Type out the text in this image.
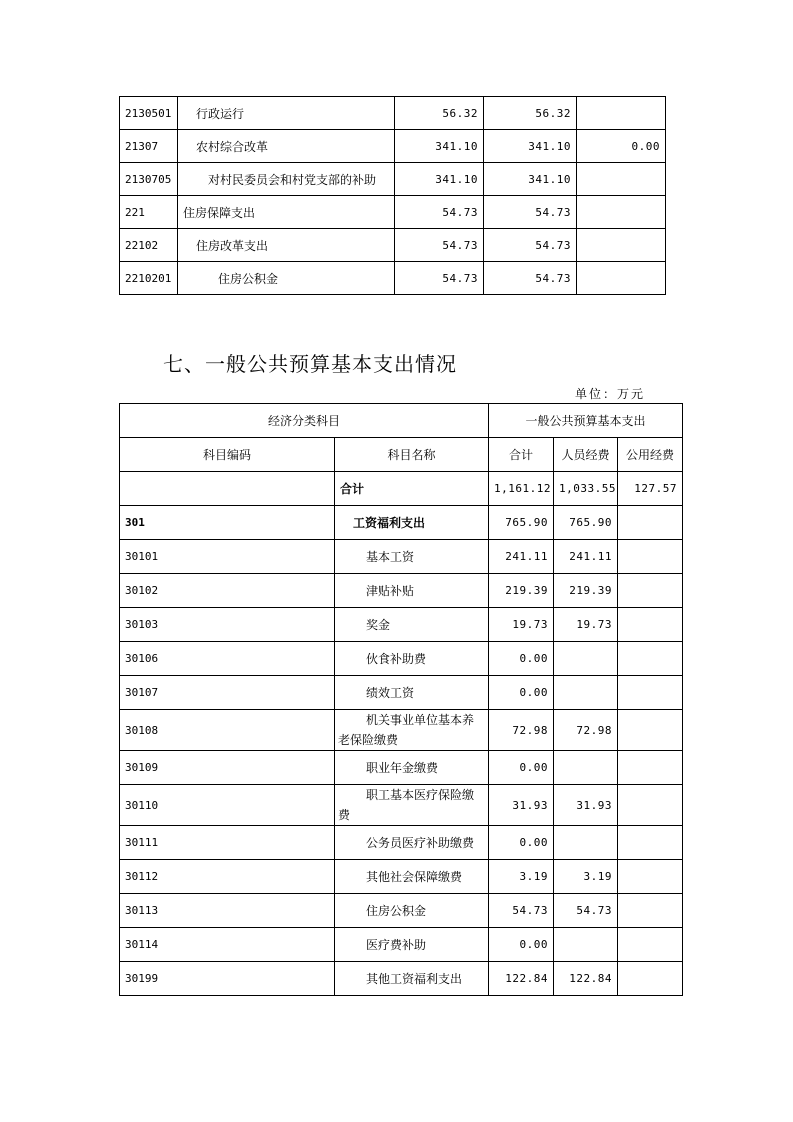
2130501	行政运行	56.32	56.32	
21307	农村综合改革	341.10	341.10	0.00
2130705	对村民委员会和村党支部的补助	341.10	341.10	
221	住房保障支出	54.73	54.73	
22102	住房改革支出	54.73	54.73	
2210201	住房公积金	54.73	54.73	
七、一般公共预算基本支出情况
单位：万元
经济分类科目		一般公共预算基本支出		
科目编码	科目名称	合计	人员经费	公用经费
	合计	1,161.12	1,033.55	127.57
301	工资福利支出	765.90	765.90	
30101	基本工资	241.11	241.11	
30102	津贴补贴	219.39	219.39	
30103	奖金	19.73	19.73	
30106	伙食补助费	0.00		
30107	绩效工资	0.00		
30108	机关事业单位基本养老保险缴费	72.98	72.98	
30109	职业年金缴费	0.00		
30110	职工基本医疗保险缴费	31.93	31.93	
30111	公务员医疗补助缴费	0.00		
30112	其他社会保障缴费	3.19	3.19	
30113	住房公积金	54.73	54.73	
30114	医疗费补助	0.00		
30199	其他工资福利支出	122.84	122.84	
